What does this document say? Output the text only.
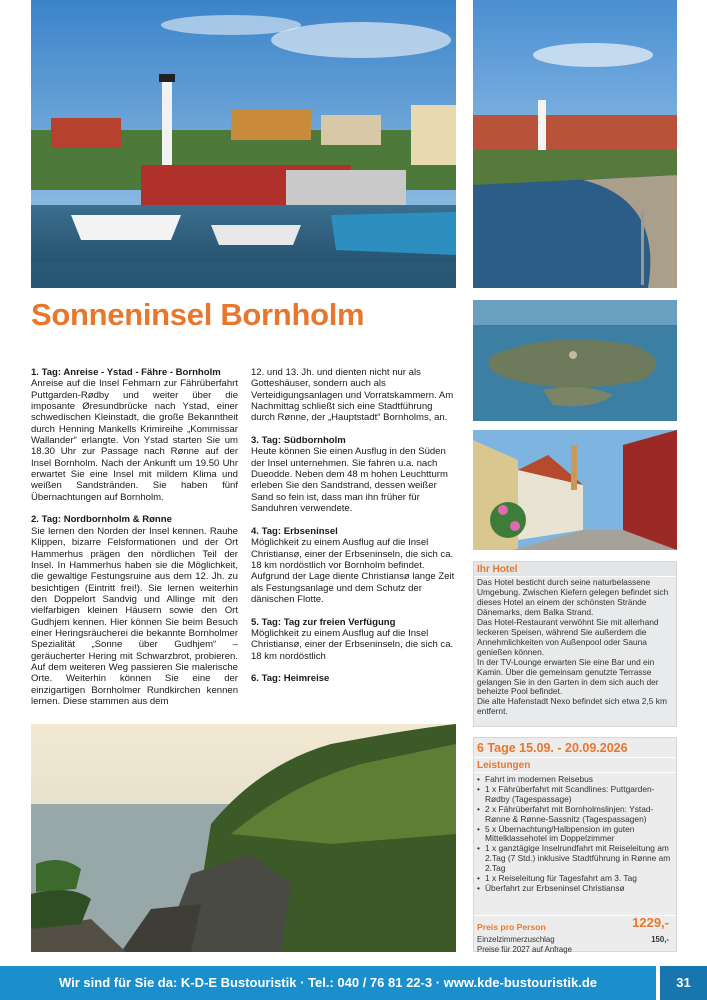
Sonneninsel Bornholm
1. Tag: Anreise - Ystad - Fähre - Bornholm

Anreise auf die Insel Fehmarn zur Fährüberfahrt Puttgarden-Rødby und weiter über die imposante Øresundbrücke nach Ystad, einer schwedischen Kleinstadt, die große Bekanntheit durch Henning Mankells Krimireihe „Kommissar Wallander“ erlangte. Von Ystad starten Sie um 18.30 Uhr zur Passage nach Rønne auf der Insel Bornholm. Nach der Ankunft um 19.50 Uhr erwartet Sie eine Insel mit mildem Klima und weißen Sandstränden. Sie haben fünf Übernachtungen auf Bornholm.

2. Tag: Nordbornholm & Rønne

Sie lernen den Norden der Insel kennen. Rauhe Klippen, bizarre Felsformationen und der Ort Hammerhus prägen den nördlichen Teil der Insel. In Hammerhus haben sie die Möglichkeit, die gewaltige Festungsruine aus dem 12. Jh. zu besichtigen (Eintritt frei!). Sie lernen weiterhin den Doppelort Sandvig und Allinge mit den vielfarbigen kleinen Häusern sowie den Ort Gudhjem kennen. Hier können Sie beim Besuch einer Heringsräucherei die bekannte Bornholmer Spezialität „Sonne über Gudhjem“ – geräucherter Hering mit Schwarzbrot, probieren. Auf dem weiteren Weg passieren Sie malerische Orte. Weiterhin können Sie eine der einzigartigen Bornholmer Rundkirchen kennen lernen. Diese stammen aus dem

12. und 13. Jh. und dienten nicht nur als Gotteshäuser, sondern auch als Verteidigungsanlagen und Vorratskammern. Am Nachmittag schließt sich eine Stadtführung durch Rønne, der „Hauptstadt“ Bornholms, an.

3. Tag: Südbornholm

Heute können Sie einen Ausflug in den Süden der Insel unternehmen. Sie fahren u.a. nach Dueodde. Neben dem 48 m hohen Leuchtturm erleben Sie den Sandstrand, dessen weißer Sand so fein ist, dass man ihn früher für Sanduhren verwendete.

4. Tag: Erbseninsel

Möglichkeit zu einem Ausflug auf die Insel Christiansø, einer der Erbseninseln, die sich ca. 18 km nordöstlich vor Bornholm befindet. Aufgrund der Lage diente Christiansø lange Zeit als Festungsanlage und dem Schutz der dänischen Flotte.

5. Tag: Tag zur freien Verfügung

Möglichkeit zu einem Ausflug auf die Insel Christiansø, einer der Erbseninseln, die sich ca. 18 km nordöstlich

6. Tag: Heimreise
Ihr Hotel
Das Hotel besticht durch seine naturbelassene Umgebung. Zwischen Kiefern gelegen befindet sich dieses Hotel an einem der schönsten Strände Dänemarks, dem Balka Strand.
Das Hotel-Restaurant verwöhnt Sie mit allerhand leckeren Speisen, während Sie außerdem die Annehmlichkeiten von Außenpool oder Sauna genießen können.
In der TV-Lounge erwarten Sie eine Bar und ein Kamin. Über die gemeinsam genutzte Terrasse gelangen Sie in den Garten in dem sich auch der beheizte Pool befindet.
Die alte Hafenstadt Nexo befindet sich etwa 2,5 km entfernt.
6 Tage 15.09. - 20.09.2026
Leistungen
• Fahrt im modernen Reisebus
• 1 x Fährüberfahrt mit Scandlines: Puttgarden-Rødby (Tagespassage)
• 2 x Fährüberfahrt mit Bornholmslinjen: Ystad-Rønne & Rønne-Sassnitz (Tagespassagen)
• 5 x Übernachtung/Halbpension im guten Mittelklassehotel im Doppelzimmer
• 1 x ganztägige Inselrundfahrt mit Reiseleitung am 2.Tag (7 Std.) inklusive Stadtführung in Rønne am 2.Tag
• 1 x Reiseleitung für Tagesfahrt am 3. Tag
• Überfahrt zur Erbseninsel Christiansø
Preis pro Person	1229,-
Einzelzimmerzuschlag	150,-
Preise für 2027 auf Anfrage
Wir sind für Sie da: K-D-E Bustouristik · Tel.: 040 / 76 81 22-3 · www.kde-bustouristik.de	31
